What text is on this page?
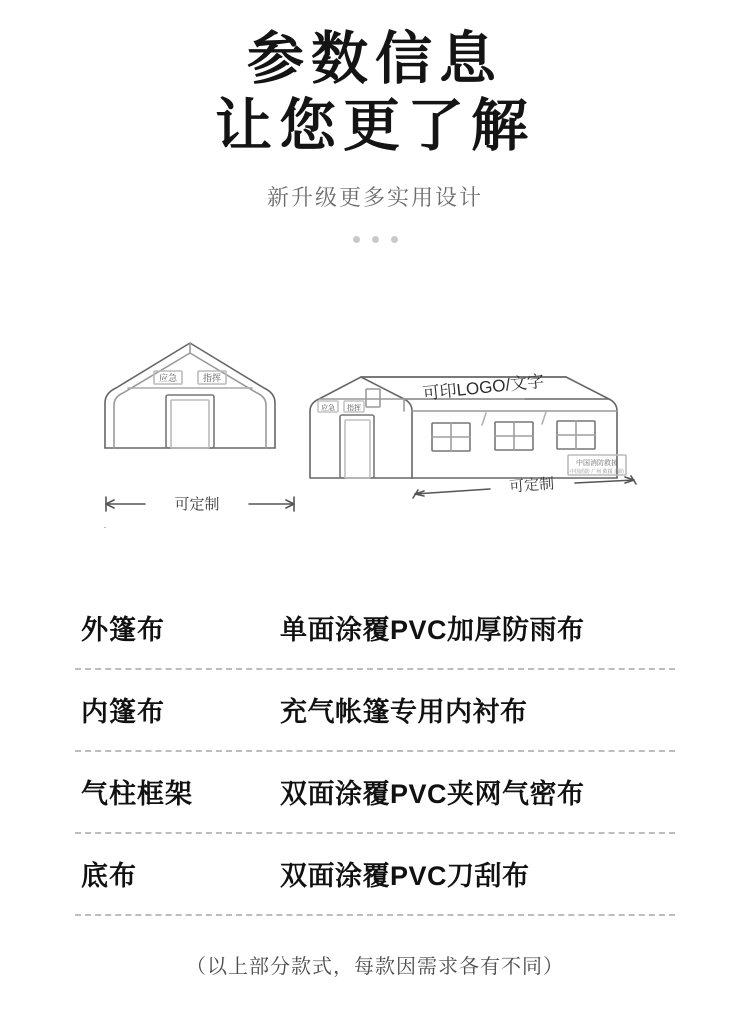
参数信息
让您更了解
新升级更多实用设计
应急	指挥
可定制
应急 指挥
可印LOGO/文字
中国消防救援
中国消防 广州 救援 消防
可定制
外篷布	单面涂覆PVC加厚防雨布
内篷布	充气帐篷专用内衬布
气柱框架	双面涂覆PVC夹网气密布
底布	双面涂覆PVC刀刮布
（以上部分款式，每款因需求各有不同）
